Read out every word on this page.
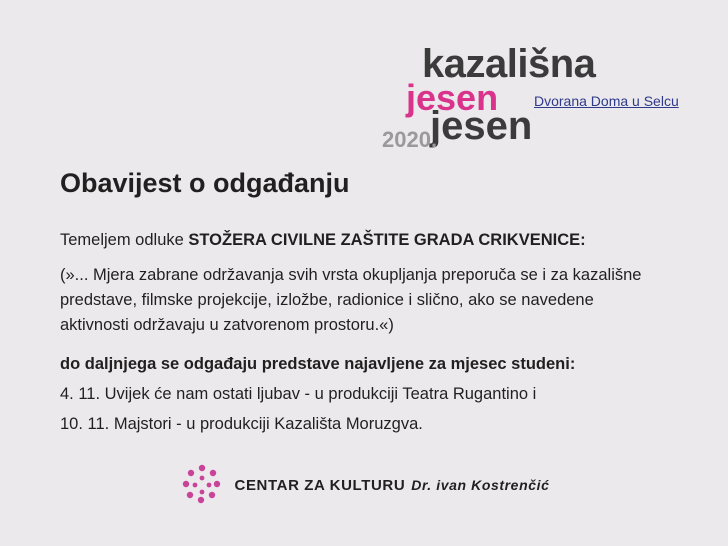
kazališna
jesen
jesen
2020.
Dvorana Doma u Selcu
Obavijest o odgađanju
Temeljem odluke STOŽERA CIVILNE ZAŠTITE GRADA CRIKVENICE:
(»... Mjera zabrane održavanja svih vrsta okupljanja preporuča se i za kazališne predstave, filmske projekcije, izložbe, radionice i slično, ako se navedene aktivnosti održavaju u zatvorenom prostoru.«)
do daljnjega se odgađaju predstave najavljene za mjesec studeni:
4. 11. Uvijek će nam ostati ljubav - u produkciji Teatra Rugantino i
10. 11. Majstori - u produkciji Kazališta Moruzgva.
CENTAR ZA KULTURU Dr. ivan Kostrenčić
